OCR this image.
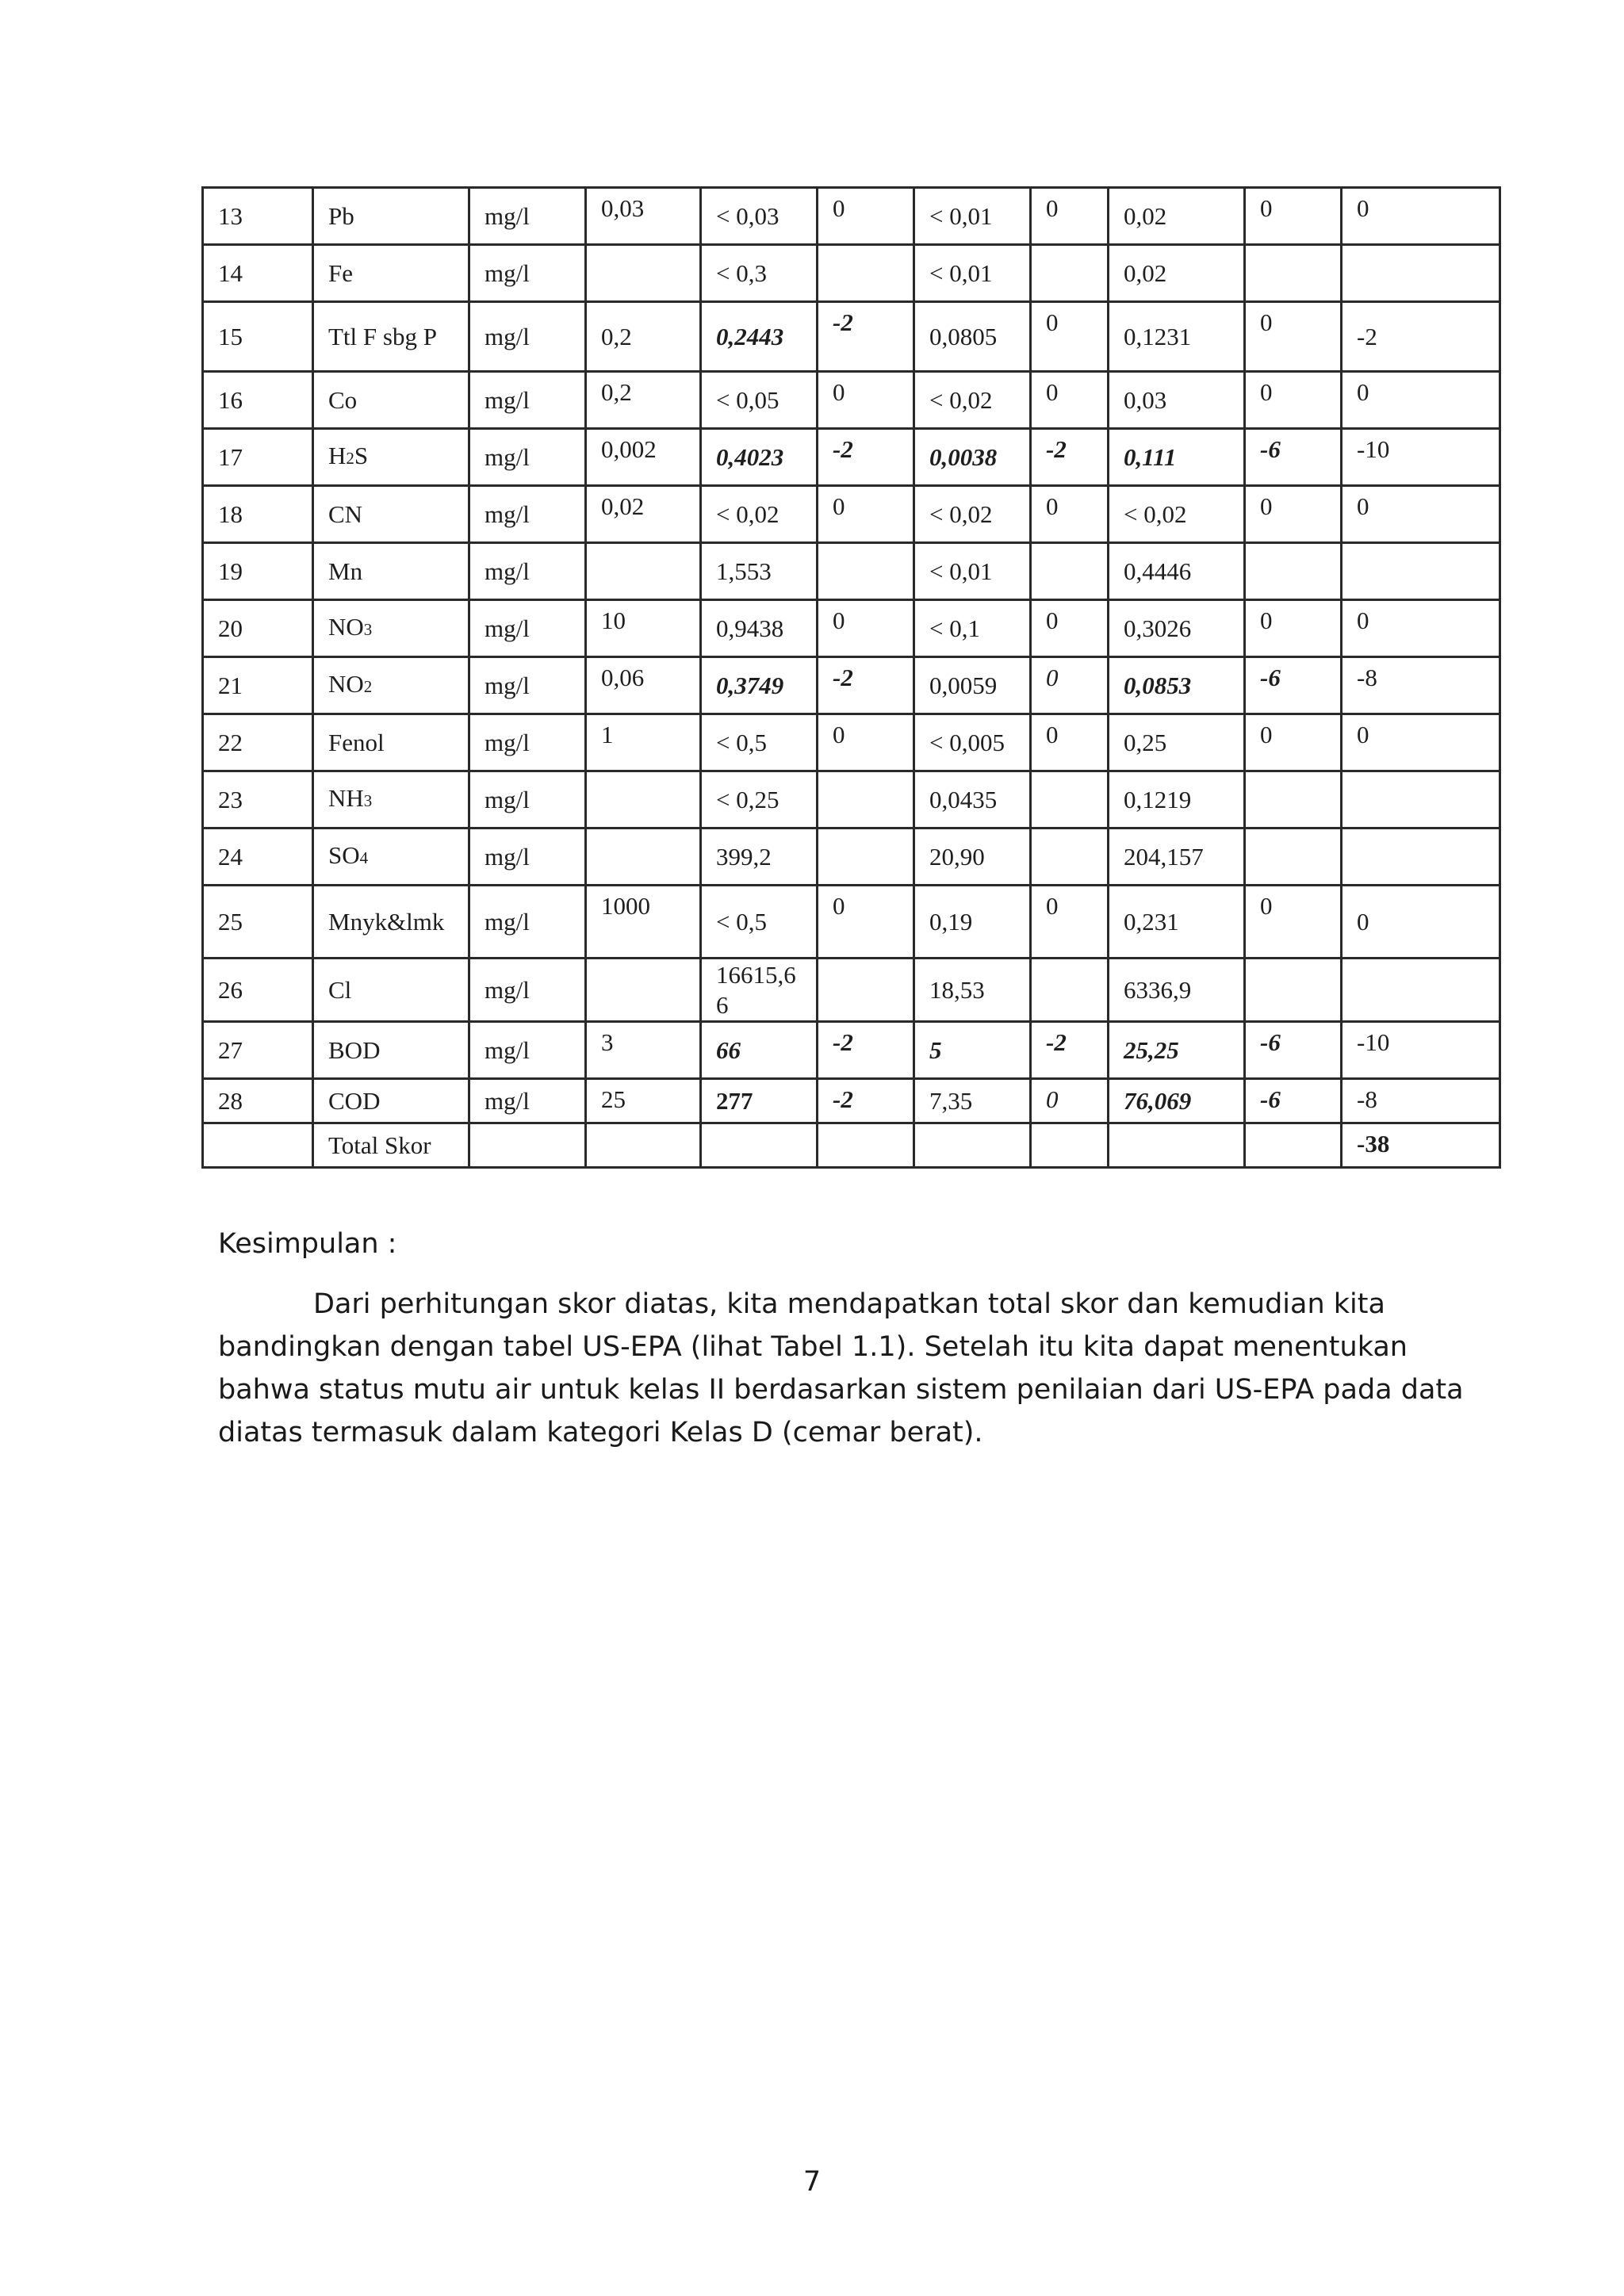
13	Pb	mg/l	0,03	< 0,03	0	< 0,01	0	0,02	0	0
14	Fe	mg/l		< 0,3		< 0,01		0,02		
15	Ttl F sbg P	mg/l	0,2	0,2443	-2	0,0805	0	0,1231	0	-2
16	Co	mg/l	0,2	< 0,05	0	< 0,02	0	0,03	0	0
17	H2S	mg/l	0,002	0,4023	-2	0,0038	-2	0,111	-6	-10
18	CN	mg/l	0,02	< 0,02	0	< 0,02	0	< 0,02	0	0
19	Mn	mg/l		1,553		< 0,01		0,4446		
20	NO3	mg/l	10	0,9438	0	< 0,1	0	0,3026	0	0
21	NO2	mg/l	0,06	0,3749	-2	0,0059	0	0,0853	-6	-8
22	Fenol	mg/l	1	< 0,5	0	< 0,005	0	0,25	0	0
23	NH3	mg/l		< 0,25		0,0435		0,1219		
24	SO4	mg/l		399,2		20,90		204,157		
25	Mnyk&lmk	mg/l	1000	< 0,5	0	0,19	0	0,231	0	0
26	Cl	mg/l		16615,66		18,53		6336,9		
27	BOD	mg/l	3	66	-2	5	-2	25,25	-6	-10
28	COD	mg/l	25	277	-2	7,35	0	76,069	-6	-8
	Total Skor									-38

Kesimpulan :

Dari perhitungan skor diatas, kita mendapatkan total skor dan kemudian kita bandingkan dengan tabel US-EPA (lihat Tabel 1.1). Setelah itu kita dapat menentukan bahwa status mutu air untuk kelas II berdasarkan sistem penilaian dari US-EPA pada data diatas termasuk dalam kategori Kelas D (cemar berat).

7
